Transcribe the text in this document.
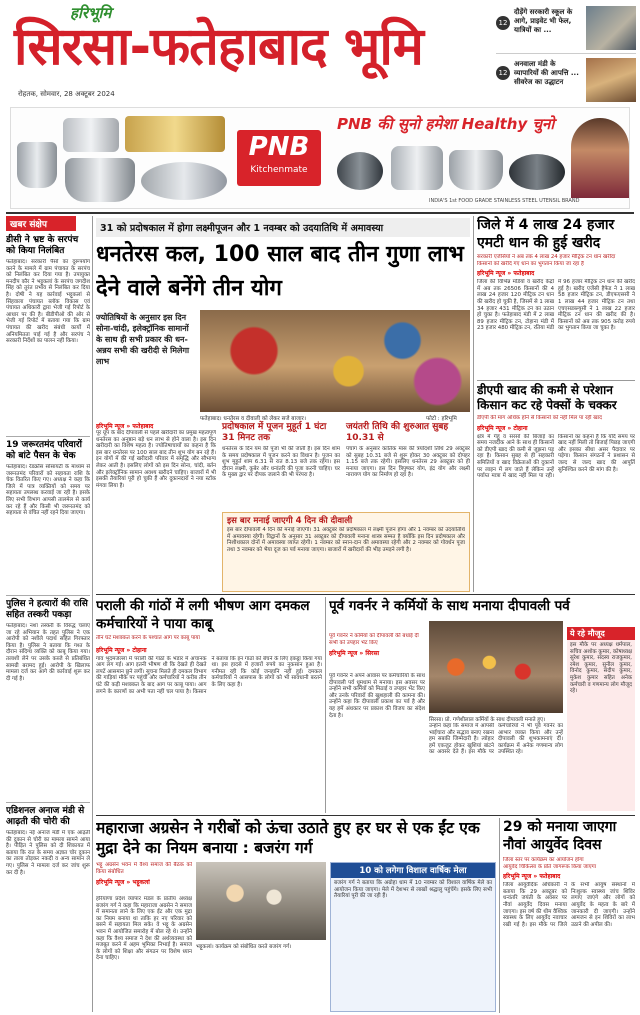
हरिभूमि
सिरसा-फतेहाबाद भूमि
रोहतक, सोमवार, 28 अक्टूबर 2024
12
दौड़ेंगे सरकारी स्कूल के आगे, प्राइवेट भी फेल, यात्रियों का ...
12
अनवाला मंडी के व्यापारियों की आपत्ति ... सीवरेज का उद्धाटन
PNB
Kitchenmate
PNB की सुनो हमेशा Healthy चुनो
INDIA'S 1st FOOD GRADE STAINLESS STEEL UTENSIL BRAND
खबर संक्षेप
डीसी ने भ्रष्ट के सरपंच को किया निलंबित
फतेहाबाद। सरकारी पैसों का दुरूपयोग करने के मामले में ग्राम पंचायत के सरपंच को निलंबित कर दिया गया है। उपायुक्त मनदीप कौर ने भट्टूकलां के सरपंच जगदीश सिंह को तुरंत प्रभाव से निलंबित कर दिया है। दोषी ने यह कार्रवाई भट्टूकलां से सिंहवाला पंचायत ब्लॉक विकास एवं पंचायत अधिकारी द्वारा भेजी गई रिपोर्ट के आधार पर की है। बीडीपीओ की ओर से भेजी गई रिपोर्ट में बताया गया कि ग्राम पंचायत की खरीद संबंधी कार्यों में अनियमितता पाई गई है और सरपंच ने सरकारी निर्देशों का पालन नहीं किया।
19 जरूरतमंद परिवारों को बांटे पैसन के चेक
फतेहाबाद। रेडक्रॉस सोसायटी के माध्यम से जरूरतमंद परिवारों को सहायता राशि के चेक वितरित किए गए। अध्यक्ष ने कहा कि जिले में पात्र व्यक्तियों को समय पर सहायता उपलब्ध करवाई जा रही है। इसके लिए सभी विभाग आपसी तालमेल से कार्य कर रहे हैं और किसी भी जरूरतमंद को सहायता से वंचित नहीं रहने दिया जाएगा।
पुलिस ने हत्यारों की रासि सहित तस्करी पकड़ा
फतेहाबाद। नशा तस्करी के विरुद्ध चलाए जा रहे अभियान के तहत पुलिस ने एक आरोपी को नशीले पदार्थ सहित गिरफ्तार किया है। पुलिस ने बताया कि गश्त के दौरान संदिग्ध व्यक्ति को काबू किया गया। तलाशी लेने पर उसके कब्जे से प्रतिबंधित सामग्री बरामद हुई। आरोपी के खिलाफ मामला दर्ज कर आगे की कार्रवाई शुरू कर दी गई है।
एडिशनल अनाज मंडी से आढ़ती की चोरी की
फतेहाबाद। नई अनाज मंडी में एक आढ़ती की दुकान से चोरी का मामला सामने आया है। पीड़ित ने पुलिस को दी शिकायत में बताया कि रात के समय अज्ञात चोर दुकान का ताला तोड़कर नकदी व अन्य सामान ले गए। पुलिस ने मामला दर्ज कर जांच शुरू कर दी है।
31 को प्रदोषकाल में होगा लक्ष्मीपूजन और 1 नवम्बर को उदयातिथि में अमावस्या
धनतेरस कल, 100 साल बाद तीन गुणा लाभ देने वाले बनेंगे तीन योग
ज्योतिषियों के अनुसार इस दिन सोना-चांदी, इलेक्ट्रॉनिक सामानों के साथ ही सभी प्रकार की धन-अन्नय सभी की खरीदी से मिलेगा लाभ
फतेहाबाद। धनतेरस व दीवाली को लेकर सजे बाजार।	फोटो : हरिभूमि
हरिभूमि न्यूज » फतेहाबाद
पूर ग्रूप के बाद दीपावली से पहले खरीदारी का प्रमुख महत्वपूर्ण धनतेरस का अनुष्ठान बड़े धन लाभ से होने वाला है। इस दिन खरीदारी का विशेष महत्व है। ज्योतिषाचार्यों का कहना है कि इस बार धनतेरस पर 100 साल बाद तीन शुभ योग बन रहे हैं। इन योगों में की गई खरीदारी परिवार में समृद्धि और सौभाग्य लेकर आती है। इसलिए लोगों को इस दिन सोना, चांदी, बर्तन और इलेक्ट्रॉनिक सामान अवश्य खरीदने चाहिए। बाजारों में भी इसकी तैयारियां पूरी हो चुकी हैं और दुकानदारों ने नया स्टॉक मंगवा लिया है।
प्रदोषकाल में पूजन मुहूर्त 1 घंटा 31 मिनट तक
धनतेरस के दिन यम की पूजा भी की जाती है। इस दिन शाम के समय प्रदोषकाल में पूजन करने का विधान है। पूजन का शुभ मुहूर्त शाम 6.31 से रात 8.13 बजे तक रहेगा। इस दौरान लक्ष्मी, कुबेर और धन्वंतरि की पूजा करनी चाहिए। घर के मुख्य द्वार पर दीपक जलाने की भी परंपरा है।
जयंतरी तिथि की शुरुआत सुबह 10.31 से
पंचांग के अनुसार कार्तिक मास की त्रयोदशी तिथि 29 अक्टूबर को सुबह 10.31 बजे से शुरू होकर 30 अक्टूबर को दोपहर 1.15 बजे तक रहेगी। इसलिए धनतेरस 29 अक्टूबर को ही मनाया जाएगा। इस दिन त्रिपुष्कर योग, इंद्र योग और लक्ष्मी नारायण योग का निर्माण हो रहा है।
इस बार मनाई जाएगी 4 दिन की दीवाली
इस बार दीपावली 4 दिन की मनाई जाएगी। 31 अक्टूबर को प्रदोषकाल में लक्ष्मी पूजन होगा और 1 नवम्बर को उदयातिथि में अमावस्या रहेगी। विद्वानों के अनुसार 31 अक्टूबर को दीपावली मनाना शास्त्र सम्मत है क्योंकि इस दिन प्रदोषकाल और निशीथकाल दोनों में अमावस्या व्याप्त रहेगी। 1 नवम्बर को स्नान-दान की अमावस्या रहेगी और 2 नवम्बर को गोवर्धन पूजा तथा 3 नवम्बर को भैया दूज का पर्व मनाया जाएगा। बाजारों में खरीदारों की भीड़ उमड़ने लगी है।
जिले में 4 लाख 24 हजार एमटी धान की हुई खरीद
सरकारी एजेंसियों ने अब तक 4 लाख 24 हजार मीट्रिक टन धान खरीदा
किसानों को खरीदे गए धान का भुगतान किया जा रहा है
हरिभूमि न्यूज » फतेहाबाद
जिला की विभिन्न मंडियों व खरीद केंद्रों में अब तक 26506 किसानों की 4 लाख 24 हजार 120 मीट्रिक टन धान की खरीद हो चुकी है, जिसमें से 1 लाख 34 हजार 431 मीट्रिक टन का उठान हो चुका है। फतेहाबाद मंडी में 2 लाख 89 हजार मीट्रिक टन, टोहाना मंडी में 23 हजार 480 मीट्रिक टन, रतिया मंडी में 96 हजार मीट्रिक टन धान की खरीद हुई है। खरीद एजेंसी हैफेड ने 1 लाख 58 हजार मीट्रिक टन, डीएफएससी ने 1 लाख 44 हजार मीट्रिक टन तथा एचएसडब्ल्यूसी ने 1 लाख 22 हजार मीट्रिक टन धान की खरीद की है। किसानों को अब तक 905 करोड़ रुपये का भुगतान किया जा चुका है।
डीएपी खाद की कमी से परेशान किसान कट रहे पेक्सों के चक्कर
डीएपी की मांग अधिक होने से किसानों को नहीं मिल पा रही खाद
हरिभूमि न्यूज » टोहाना
क्षेत्र में गेहूं व सरसों की बिजाई का समय नजदीक आने के साथ ही किसानों को डीएपी खाद की कमी से जूझना पड़ रहा है। किसान सुबह से ही सहकारी समितियों व खाद विक्रेताओं की दुकानों पर लाइन में लग जाते हैं लेकिन उन्हें पर्याप्त मात्रा में खाद नहीं मिल पा रही। किसानों का कहना है कि यदि समय पर खाद नहीं मिली तो बिजाई पिछड़ जाएगी और इसका सीधा असर पैदावार पर पड़ेगा। किसान संगठनों ने प्रशासन से जल्द से जल्द खाद की आपूर्ति सुनिश्चित करने की मांग की है।
पराली की गांठों में लगी भीषण आग दमकल कर्मचारियों ने पाया काबू
तीन घंटे मशक्कत करने के पश्चात आग पर काबू पाया
हरिभूमि न्यूज » टोहाना
गांव भूदमजल्ला में पराली की गांठों के भंडार में अचानक आग लग गई। आग इतनी भीषण थी कि देखते ही देखते लपटें आसमान छूने लगीं। सूचना मिलते ही दमकल विभाग की गाड़ियां मौके पर पहुंचीं और कर्मचारियों ने करीब तीन घंटे की कड़ी मशक्कत के बाद आग पर काबू पाया। आग लगने के कारणों का अभी पता नहीं चल पाया है। किसान ने बताया कि इन गांठों को बेचने के लिए इकट्ठा किया गया था। इस हादसे में हजारों रुपये का नुकसान हुआ है। गनीमत रही कि कोई जनहानि नहीं हुई। दमकल कर्मचारियों ने आसपास के लोगों को भी सावधानी बरतने के लिए कहा है।
पूर्व गवर्नर ने कर्मियों के साथ मनाया दीपावली पर्व
पूर्व गवर्नर ने कर्मियों को दीपावली की बधाई दी
सभी को उपहार भेंट किए
हरिभूमि न्यूज » सिरसा
सिरसा। प्रो. गणेशीलाल कर्मियों के साथ दीपावली मनाते हुए।
पूर्व गवर्नर ने अपने आवास पर कर्मचारियों के साथ दीपावली पर्व धूमधाम से मनाया। इस अवसर पर उन्होंने सभी कर्मियों को मिठाई व उपहार भेंट किए और उनके परिवारों की खुशहाली की कामना की। उन्होंने कहा कि दीपावली प्रकाश का पर्व है और यह हमें अंधकार पर प्रकाश की विजय का संदेश देता है।
उन्होंने कहा कि समाज में आपसी भाईचारा और सद्भाव बनाए रखना हम सबकी जिम्मेदारी है। त्योहार हमें एकजुट होकर खुशियां बांटने का अवसर देते हैं। इस मौके पर कर्मचारियों ने भी पूर्व गवर्नर का आभार व्यक्त किया और उन्हें दीपावली की शुभकामनाएं दीं। कार्यक्रम में अनेक गणमान्य लोग उपस्थित रहे।
ये रहे मौजूद
इस मौके पर अध्यक्ष धर्मपाल, सचिव अशोक कुमार, कोषाध्यक्ष सुरेश कुमार, सदस्य राजकुमार, रमेश कुमार, सुनील कुमार, विनोद कुमार, संदीप कुमार, मुकेश कुमार सहित अनेक कर्मचारी व गणमान्य लोग मौजूद रहे।
महाराजा अग्रसेन ने गरीबों को ऊंचा उठाते हुए हर घर से एक ईंट एक मुद्रा देने का नियम बनाया : बजरंग गर्ग
भट्टू अग्रसेन भवन में वैश्य समाज की बैठक को किया संबोधित
हरिभूमि न्यूज » भट्टूकलां
हरियाणा प्रदेश व्यापार मंडल के प्रांतीय अध्यक्ष बजरंग गर्ग ने कहा कि महाराजा अग्रसेन ने समाज में समानता लाने के लिए एक ईंट और एक मुद्रा का नियम बनाया था ताकि हर नए परिवार को बसने में सहायता मिल सके। वे भट्टू के अग्रसेन भवन में आयोजित समारोह में बोल रहे थे। उन्होंने कहा कि वैश्य समाज ने देश की अर्थव्यवस्था को मजबूत करने में अहम भूमिका निभाई है। समाज के लोगों को शिक्षा और संगठन पर विशेष ध्यान देना चाहिए।
भट्टूकलां। कार्यक्रम को संबोधित करते बजरंग गर्ग।
10 को लगेगा विशाल वार्षिक मेला
बजरंग गर्ग ने बताया कि अग्रोहा धाम में 10 नवम्बर को विशाल वार्षिक मेले का आयोजन किया जाएगा। मेले में देशभर से लाखों श्रद्धालु पहुंचेंगे। इसके लिए सभी तैयारियां पूरी की जा रही हैं।
29 को मनाया जाएगा नौवां आयुर्वेद दिवस
जिला स्तर पर कार्यक्रम का आयोजन होगा
आयुर्वेद चिकित्सा के प्रति जागरूक किया जाएगा
हरिभूमि न्यूज » फतेहाबाद
जिला आयुर्वेदिक अधिकारी ने बताया कि 29 अक्टूबर को धन्वंतरि जयंती के अवसर पर नौवां आयुर्वेद दिवस मनाया जाएगा। इस वर्ष की थीम वैश्विक स्वास्थ्य के लिए आयुर्वेद नवाचार रखी गई है। इस मौके पर जिले के सभी आयुष संस्थानों में निःशुल्क स्वास्थ्य जांच शिविर लगाए जाएंगे और लोगों को आयुर्वेद के महत्व के बारे में जानकारी दी जाएगी। उन्होंने आमजन से इन शिविरों का लाभ उठाने की अपील की।
